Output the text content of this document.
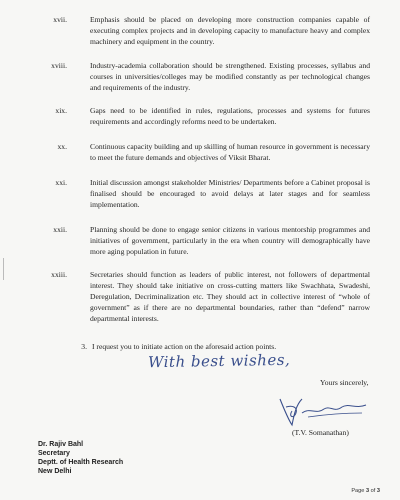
xvii.	Emphasis should be placed on developing more construction companies capable of executing complex projects and in developing capacity to manufacture heavy and complex machinery and equipment in the country.
xviii.	Industry-academia collaboration should be strengthened. Existing processes, syllabus and courses in universities/colleges may be modified constantly as per technological changes and requirements of the industry.
xix.	Gaps need to be identified in rules, regulations, processes and systems for futures requirements and accordingly reforms need to be undertaken.
xx.	Continuous capacity building and up skilling of human resource in government is necessary to meet the future demands and objectives of Viksit Bharat.
xxi.	Initial discussion amongst stakeholder Ministries/ Departments before a Cabinet proposal is finalised should be encouraged to avoid delays at later stages and for seamless implementation.
xxii.	Planning should be done to engage senior citizens in various mentorship programmes and initiatives of government, particularly in the era when country will demographically have more aging population in future.
xxiii.	Secretaries should function as leaders of public interest, not followers of departmental interest. They should take initiative on cross-cutting matters like Swachhata, Swadeshi, Deregulation, Decriminalization etc. They should act in collective interest of “whole of government” as if there are no departmental boundaries, rather than “defend” narrow departmental interests.
3. I request you to initiate action on the aforesaid action points.
With best wishes,
Yours sincerely,
(T.V. Somanathan)
Dr. Rajiv Bahl
Secretary
Deptt. of Health Research
New Delhi
Page 3 of 3
